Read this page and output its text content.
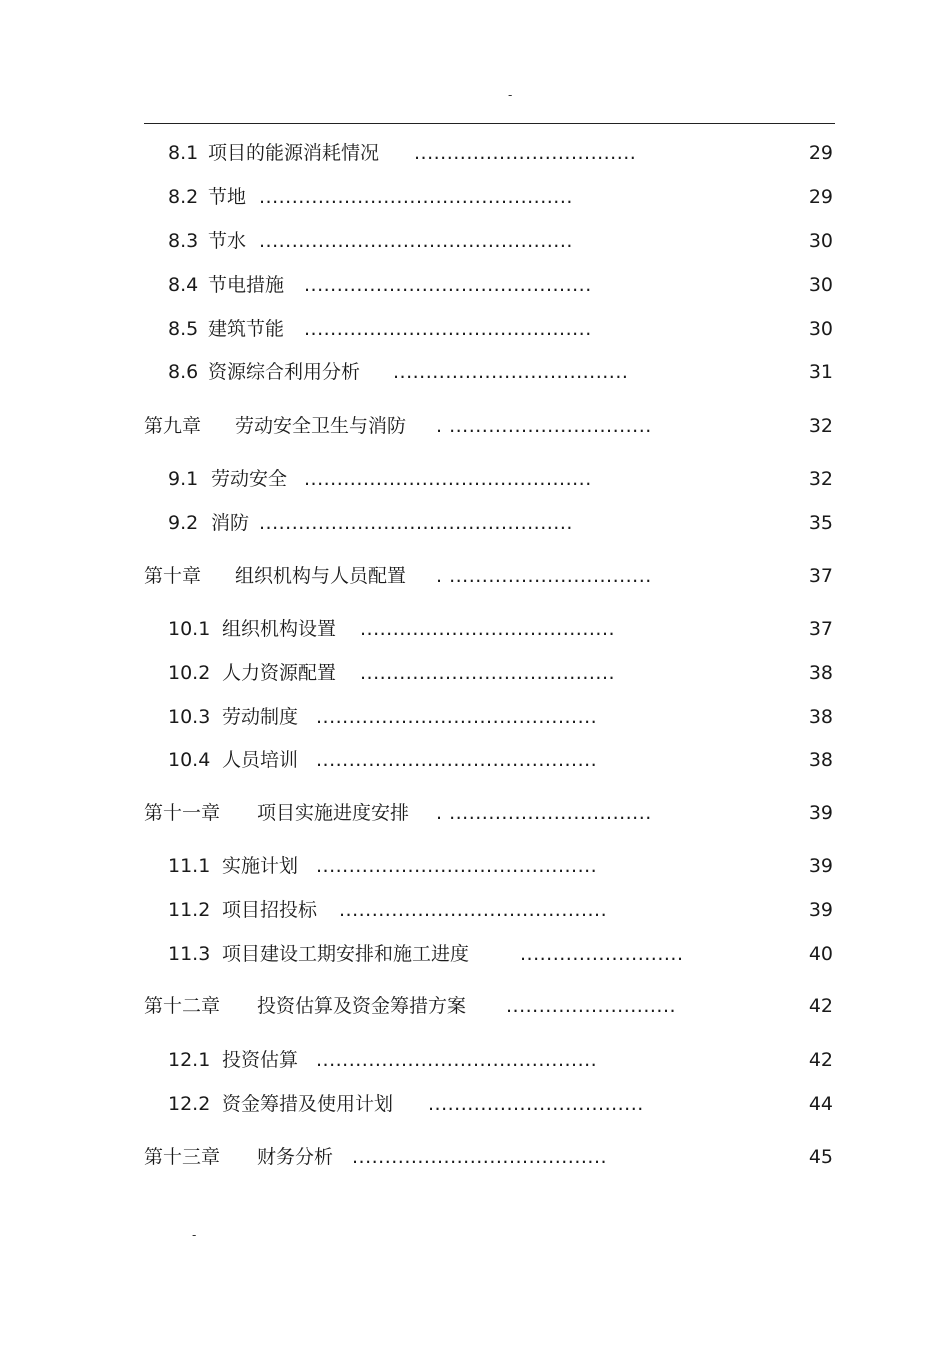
-
8.1 项目的能源消耗情况 ..................................	29
8.2 节地 ................................................	29
8.3 节水 ................................................	30
8.4 节电措施 ............................................	30
8.5 建筑节能 ............................................	30
8.6 资源综合利用分析 ....................................	31
第九章 劳动安全卫生与消防 . ...............................	32
9.1 劳动安全 ............................................	32
9.2 消防 ................................................	35
第十章 组织机构与人员配置 . ...............................	37
10.1 组织机构设置 .......................................	37
10.2 人力资源配置 .......................................	38
10.3 劳动制度 ...........................................	38
10.4 人员培训 ...........................................	38
第十一章 项目实施进度安排 . ...............................	39
11.1 实施计划 ...........................................	39
11.2 项目招投标 .........................................	39
11.3 项目建设工期安排和施工进度	.........................	40
第十二章 投资估算及资金筹措方案 ..........................	42
12.1 投资估算 ...........................................	42
12.2 资金筹措及使用计划 .................................	44
第十三章 财务分析 .......................................	45
-
